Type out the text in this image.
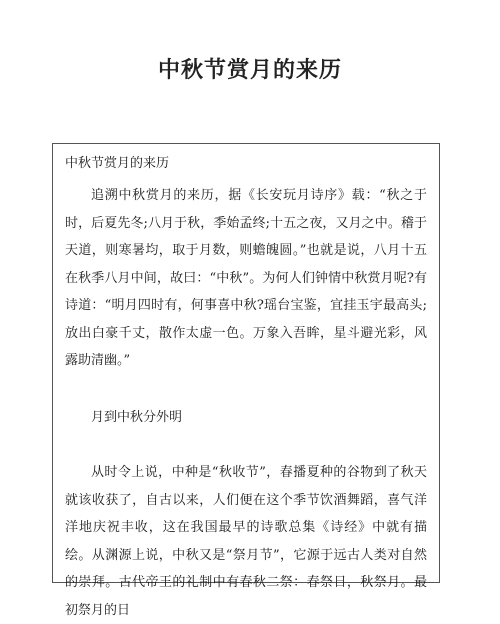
中秋节赏月的来历
中秋节赏月的来历

追溯中秋赏月的来历，据《长安玩月诗序》载：“秋之于时，后夏先冬;八月于秋，季始孟终;十五之夜，又月之中。稽于天道，则寒暑均，取于月数，则蟾魄圆。”也就是说，八月十五在秋季八月中间，故曰：“中秋”。为何人们钟情中秋赏月呢?有诗道：“明月四时有，何事喜中秋?瑶台宝鉴，宜挂玉宇最高头;放出白豪千丈，散作太虚一色。万象入吾眸，星斗避光彩，风露助清幽。”

月到中秋分外明

从时令上说，中种是“秋收节”，春播夏种的谷物到了秋天就该收获了，自古以来，人们便在这个季节饮酒舞蹈，喜气洋洋地庆祝丰收，这在我国最早的诗歌总集《诗经》中就有描绘。从渊源上说，中秋又是“祭月节”，它源于远古人类对自然的崇拜。古代帝王的礼制中有春秋二祭：春祭日，秋祭月。最初祭月的日
